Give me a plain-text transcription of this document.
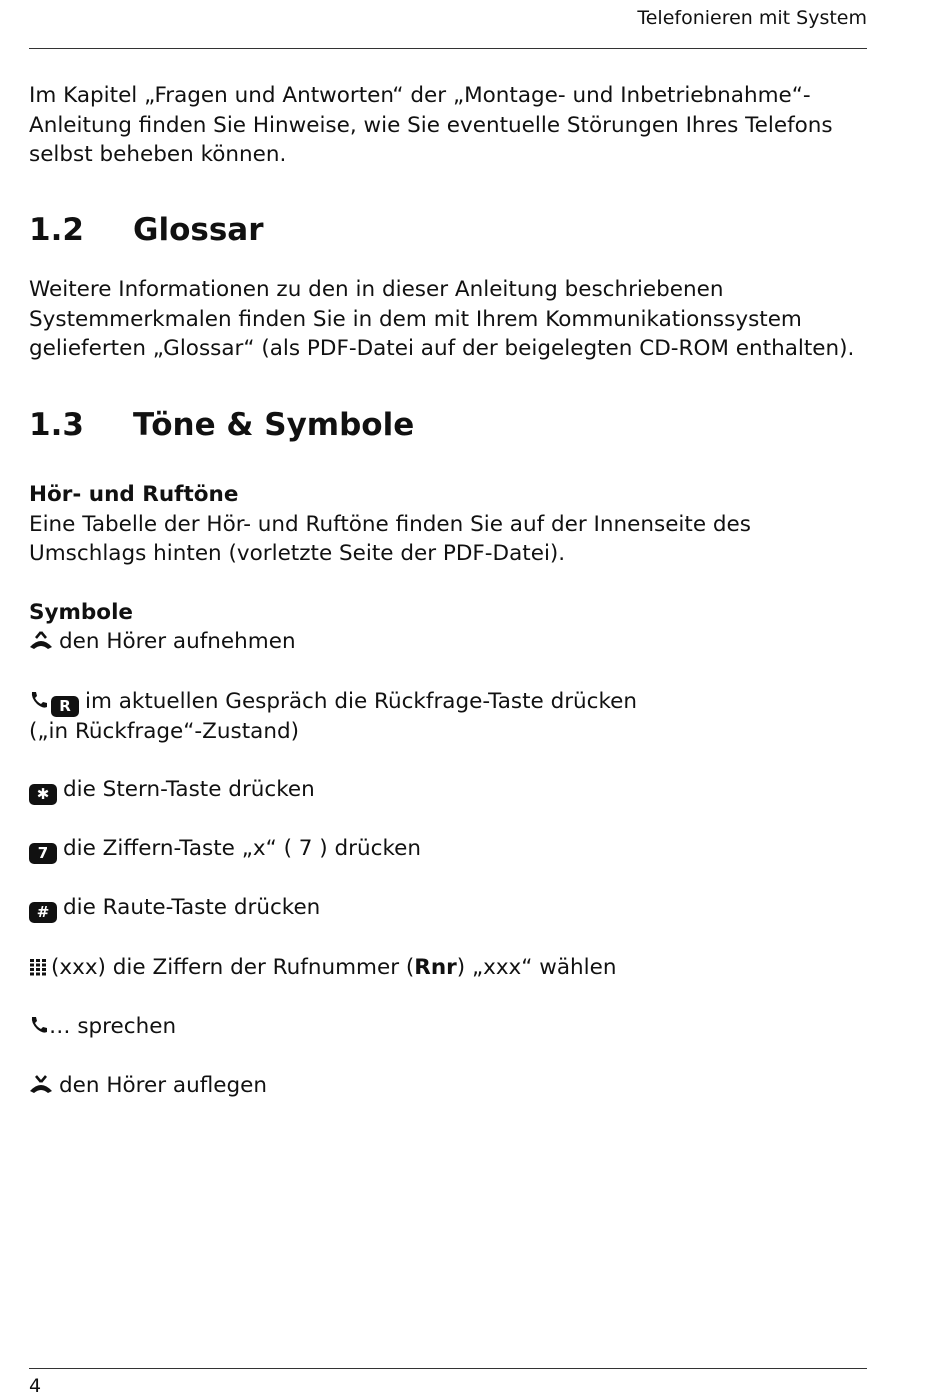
Telefonieren mit System

Im Kapitel „Fragen und Antworten“ der „Montage- und Inbetriebnahme“-Anleitung finden Sie Hinweise, wie Sie eventuelle Störungen Ihres Telefons selbst beheben können.

1.2 Glossar

Weitere Informationen zu den in dieser Anleitung beschriebenen Systemmerkmalen finden Sie in dem mit Ihrem Kommunikationssystem gelieferten „Glossar“ (als PDF-Datei auf der beigelegten CD-ROM enthalten).

1.3 Töne & Symbole

Hör- und Ruftöne
Eine Tabelle der Hör- und Ruftöne finden Sie auf der Innenseite des Umschlags hinten (vorletzte Seite der PDF-Datei).

Symbole
den Hörer aufnehmen
R im aktuellen Gespräch die Rückfrage-Taste drücken
(„in Rückfrage“-Zustand)
✱ die Stern-Taste drücken
7 die Ziffern-Taste „x“ ( 7 ) drücken
# die Raute-Taste drücken
(xxx) die Ziffern der Rufnummer (Rnr) „xxx“ wählen
… sprechen
den Hörer auflegen
4
